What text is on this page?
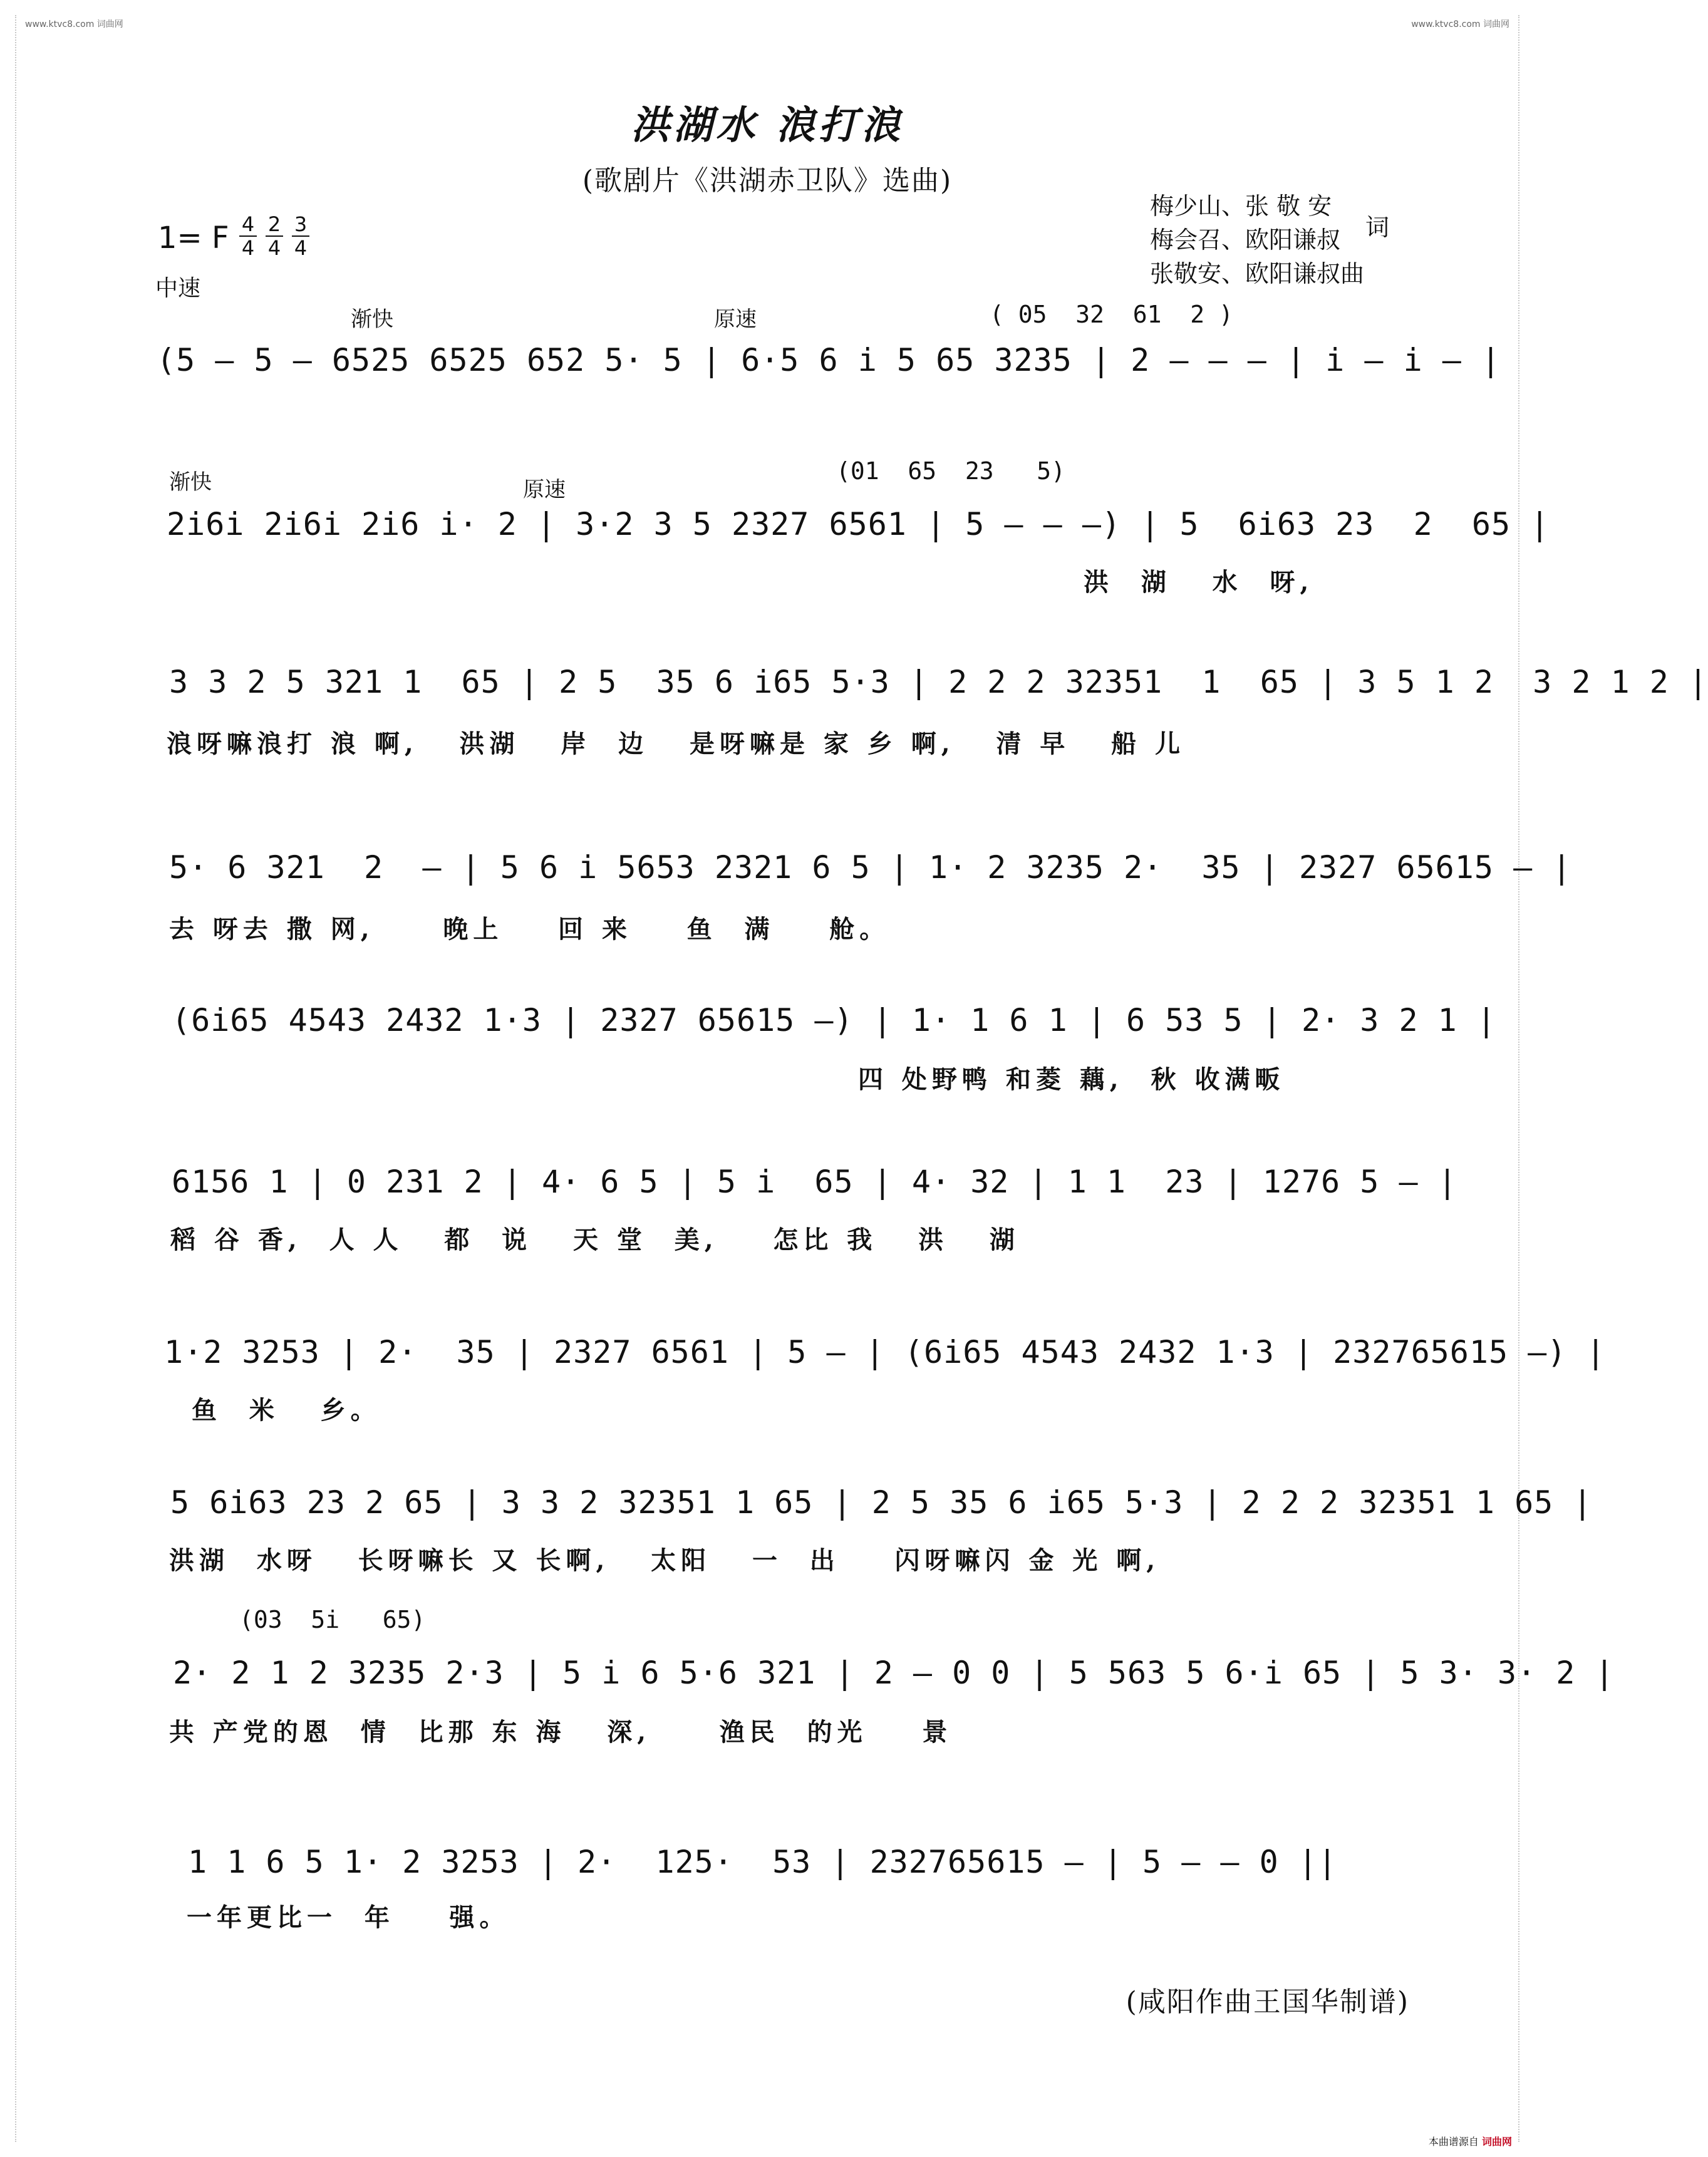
www.ktvc8.com 词曲网	www.ktvc8.com 词曲网
洪湖水 浪打浪
(歌剧片《洪湖赤卫队》选曲)
1= F 4
4
2
4
3
4
中速
梅少山、张 敬 安
梅会召、欧阳谦叔
张敬安、欧阳谦叔曲
词
渐快	原速	( 05  32  61  2 )
(5 — 5 — 6525 6525 652 5· 5 | 6·5 6 i 5 65 3235 | 2 — — — | i — i — |
渐快	原速
(01  65  23   5)
2i6i 2i6i 2i6 i· 2 | 3·2 3 5 2327 6561 | 5 — — —) | 5  6i63 23  2  65 |
洪  湖   水  呀,
3 3 2 5 321 1  65 | 2 5  35 6 i65 5·3 | 2 2 2 32351  1  65 | 3 5 1 2  3 2 1 2 |
浪呀嘛浪打 浪 啊,   洪湖   岸  边   是呀嘛是 家 乡 啊,   清 早   船 儿
5· 6 321  2  — | 5 6 i 5653 2321 6 5 | 1· 2 3235 2·  35 | 2327 65615 — |
去 呀去 撒 网,     晚上    回 来    鱼  满    舱。
(6i65 4543 2432 1·3 | 2327 65615 —) | 1· 1 6 1 | 6 53 5 | 2· 3 2 1 |
四 处野鸭 和菱 藕,  秋 收满畈
6156 1 | 0 231 2 | 4· 6 5 | 5 i  65 | 4· 32 | 1 1  23 | 1276 5 — |
稻 谷 香,  人 人   都  说   天 堂  美,    怎比 我   洪   湖
1·2 3253 | 2·  35 | 2327 6561 | 5 — | (6i65 4543 2432 1·3 | 232765615 —) |
鱼  米   乡。
5 6i63 23 2 65 | 3 3 2 32351 1 65 | 2 5 35 6 i65 5·3 | 2 2 2 32351 1 65 |
洪湖  水呀   长呀嘛长 又 长啊,   太阳   一  出    闪呀嘛闪 金 光 啊,
(03  5i   65)
2· 2 1 2 3235 2·3 | 5 i 6 5·6 321 | 2 — 0 0 | 5 563 5 6·i 65 | 5 3· 3· 2 |
共 产党的恩  情  比那 东 海   深,     渔民  的光    景
1 1 6 5 1· 2 3253 | 2·  125·  53 | 232765615 — | 5 — — 0 ||
一年更比一  年    强。
(咸阳作曲王国华制谱)
本曲谱源自 词曲网
